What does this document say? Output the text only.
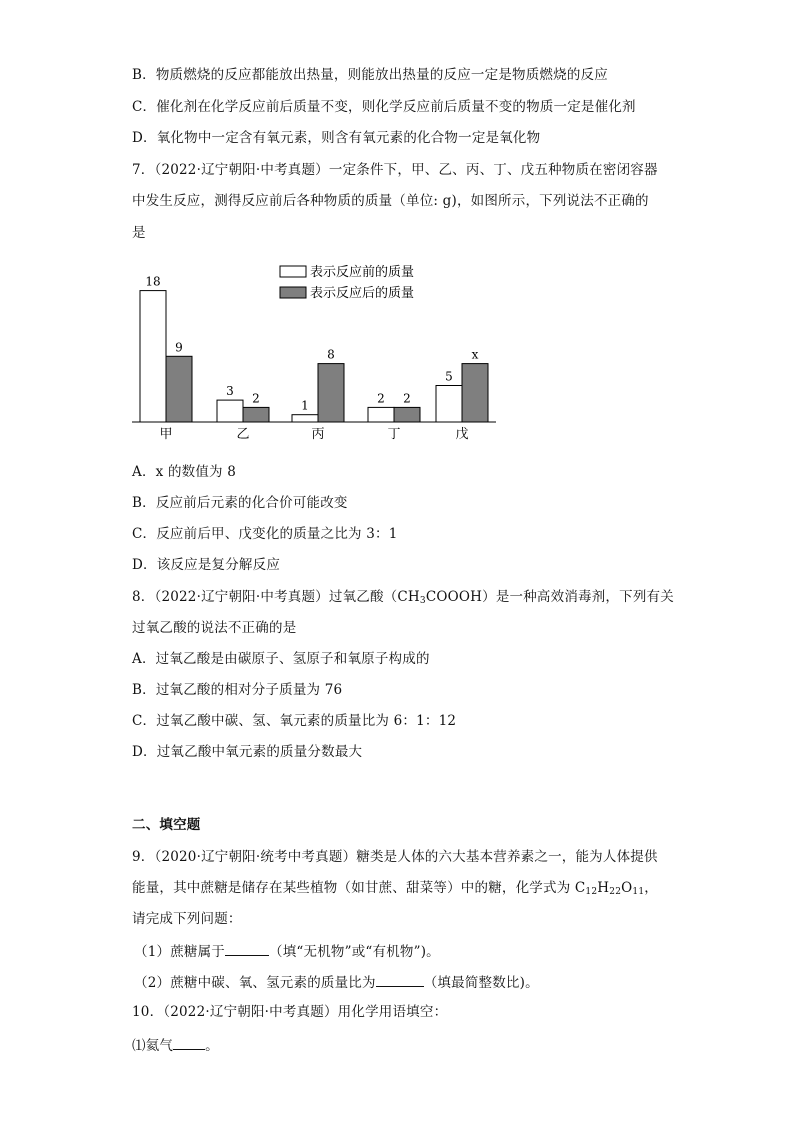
B．物质燃烧的反应都能放出热量，则能放出热量的反应一定是物质燃烧的反应
C．催化剂在化学反应前后质量不变，则化学反应前后质量不变的物质一定是催化剂
D．氧化物中一定含有氧元素，则含有氧元素的化合物一定是氧化物
7．（2022·辽宁朝阳·中考真题）一定条件下，甲、乙、丙、丁、戊五种物质在密闭容器
中发生反应，测得反应前后各种物质的质量（单位: g)，如图所示，下列说法不正确的
是
表示反应前的质量
表示反应后的质量
18
9
3
2
1
8
2 2
5
x
甲	乙	丙	丁	戊
A．x 的数值为 8
B．反应前后元素的化合价可能改变
C．反应前后甲、戊变化的质量之比为 3：1
D．该反应是复分解反应
8．（2022·辽宁朝阳·中考真题）过氧乙酸$(CH_3COOOH)$是一种高效消毒剂，下列有关
过氧乙酸的说法不正确的是
A．过氧乙酸是由碳原子、氢原子和氧原子构成的
B．过氧乙酸的相对分子质量为 76
C．过氧乙酸中碳、氢、氧元素的质量比为 6：1：12
D．过氧乙酸中氧元素的质量分数最大
二、填空题
9．（2020·辽宁朝阳·统考中考真题）糖类是人体的六大基本营养素之一，能为人体提供
能量，其中蔗糖是储存在某些植物（如甘蔗、甜菜等）中的糖，化学式为 $C_{12}H_{22}O_{11}$，
请完成下列问题：
（1）蔗糖属于	（填“无机物”或“有机物”)。
（2）蔗糖中碳、氧、氢元素的质量比为	（填最简整数比)。
10．（2022·辽宁朝阳·中考真题）用化学用语填空：
⑴氦气 。
